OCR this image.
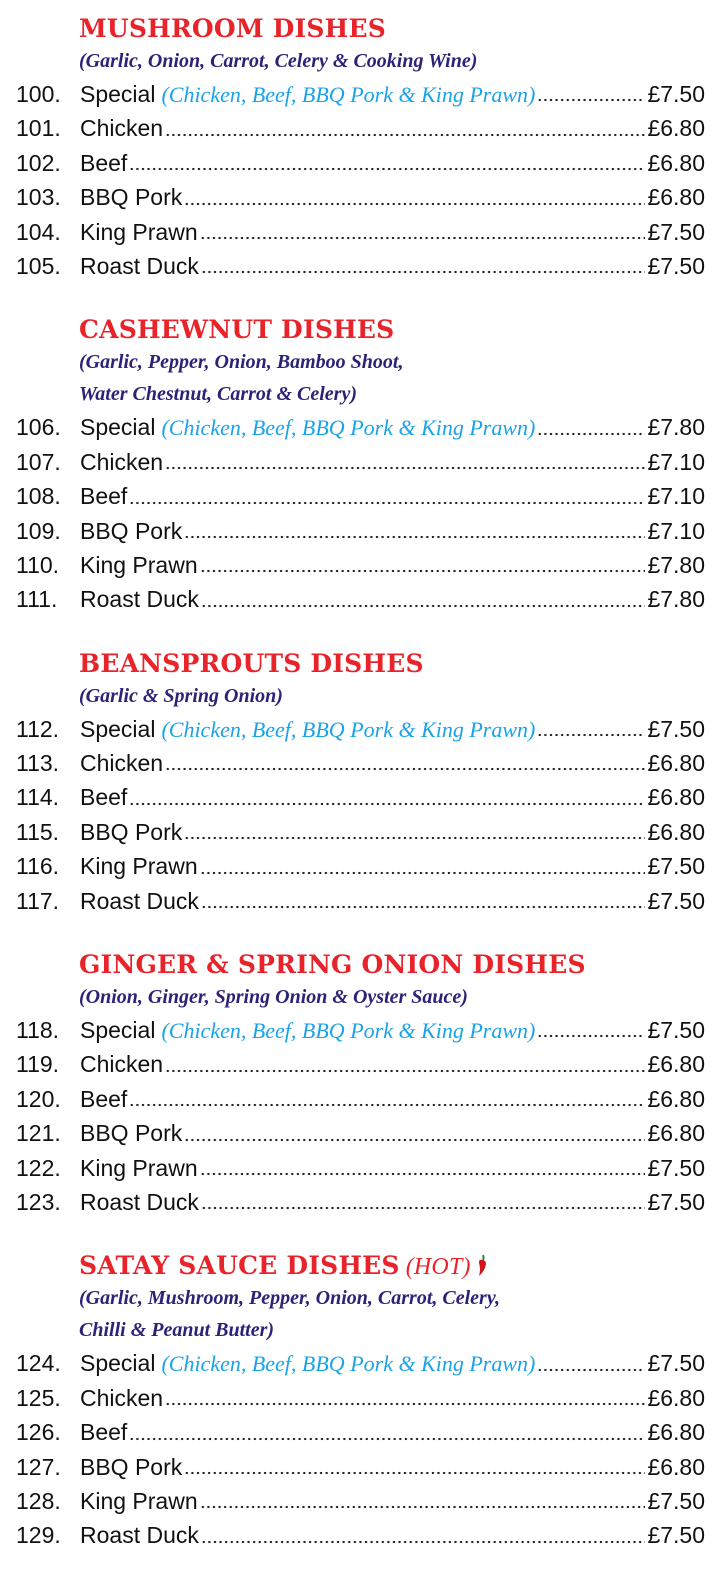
MUSHROOM DISHES
(Garlic, Onion, Carrot, Celery & Cooking Wine)
100. Special (Chicken, Beef, BBQ Pork & King Prawn)	£7.50
101. Chicken	£6.80
102. Beef	£6.80
103. BBQ Pork	£6.80
104. King Prawn	£7.50
105. Roast Duck	£7.50
CASHEWNUT DISHES
(Garlic, Pepper, Onion, Bamboo Shoot,
Water Chestnut, Carrot & Celery)
106. Special (Chicken, Beef, BBQ Pork & King Prawn)	£7.80
107. Chicken	£7.10
108. Beef	£7.10
109. BBQ Pork	£7.10
110. King Prawn	£7.80
111. Roast Duck	£7.80
BEANSPROUTS DISHES
(Garlic & Spring Onion)
112. Special (Chicken, Beef, BBQ Pork & King Prawn)	£7.50
113. Chicken	£6.80
114. Beef	£6.80
115. BBQ Pork	£6.80
116. King Prawn	£7.50
117. Roast Duck	£7.50
GINGER & SPRING ONION DISHES
(Onion, Ginger, Spring Onion & Oyster Sauce)
118. Special (Chicken, Beef, BBQ Pork & King Prawn)	£7.50
119. Chicken	£6.80
120. Beef	£6.80
121. BBQ Pork	£6.80
122. King Prawn	£7.50
123. Roast Duck	£7.50
SATAY SAUCE DISHES (HOT)
(Garlic, Mushroom, Pepper, Onion, Carrot, Celery,
Chilli & Peanut Butter)
124. Special (Chicken, Beef, BBQ Pork & King Prawn)	£7.50
125. Chicken	£6.80
126. Beef	£6.80
127. BBQ Pork	£6.80
128. King Prawn	£7.50
129. Roast Duck	£7.50
